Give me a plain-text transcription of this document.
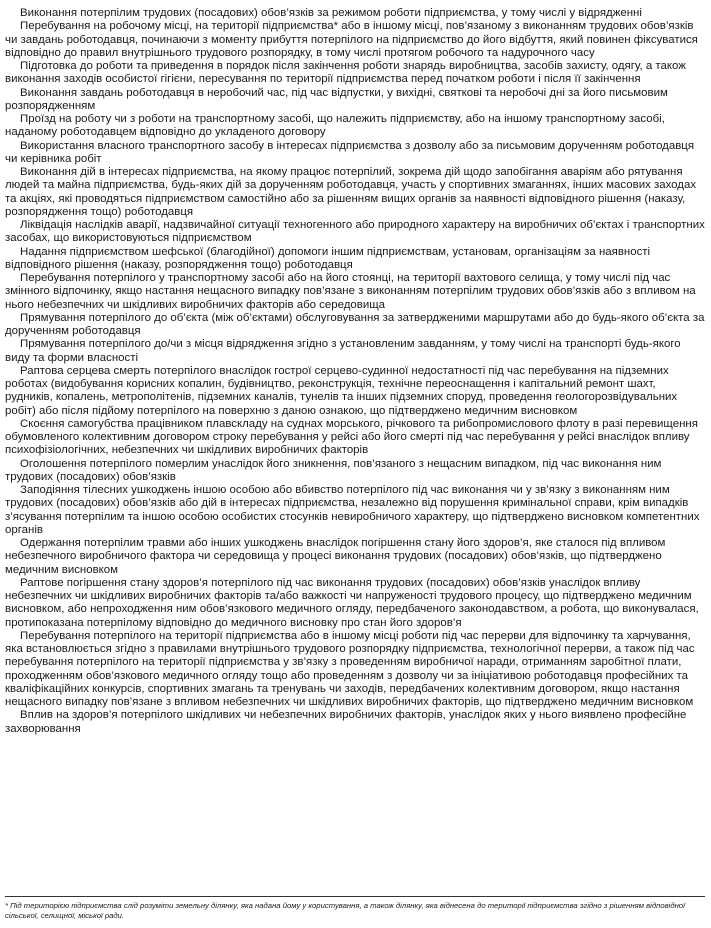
Виконання потерпілим трудових (посадових) обов’язків за режимом роботи підприємства, у тому числі у відрядженні

Перебування на робочому місці, на території підприємства* або в іншому місці, пов’язаному з виконанням трудових обов’язків чи завдань роботодавця, починаючи з моменту прибуття потерпілого на підприємство до його відбуття, який повинен фіксуватися відповідно до правил внутрішнього трудового розпорядку, в тому числі протягом робочого та надурочного часу

Підготовка до роботи та приведення в порядок після закінчення роботи знарядь виробництва, засобів захисту, одягу, а також виконання заходів особистої гігієни, пересування по території підприємства перед початком роботи і після її закінчення

Виконання завдань роботодавця в неробочий час, під час відпустки, у вихідні, святкові та неробочі дні за його письмовим розпорядженням

Проїзд на роботу чи з роботи на транспортному засобі, що належить підприємству, або на іншому транспортному засобі, наданому роботодавцем відповідно до укладеного договору

Використання власного транспортного засобу в інтересах підприємства з дозволу або за письмовим дорученням роботодавця чи керівника робіт

Виконання дій в інтересах підприємства, на якому працює потерпілий, зокрема дій щодо запобігання аваріям або рятування людей та майна підприємства, будь-яких дій за дорученням роботодавця, участь у спортивних змаганнях, інших масових заходах та акціях, які проводяться підприємством самостійно або за рішенням вищих органів за наявності відповідного рішення (наказу, розпорядження тощо) роботодавця

Ліквідація наслідків аварії, надзвичайної ситуації техногенного або природного характеру на виробничих об’єктах і транспортних засобах, що використовуються підприємством

Надання підприємством шефської (благодійної) допомоги іншим підприємствам, установам, організаціям за наявності відповідного рішення (наказу, розпорядження тощо) роботодавця

Перебування потерпілого у транспортному засобі або на його стоянці, на території вахтового селища, у тому числі під час змінного відпочинку, якщо настання нещасного випадку пов’язане з виконанням потерпілим трудових обов’язків або з впливом на нього небезпечних чи шкідливих виробничих факторів або середовища

Прямування потерпілого до об’єкта (між об’єктами) обслуговування за затвердженими маршрутами або до будь-якого об’єкта за дорученням роботодавця

Прямування потерпілого до/чи з місця відрядження згідно з установленим завданням, у тому числі на транспорті будь-якого виду та форми власності

Раптова серцева смерть потерпілого внаслідок гострої серцево-судинної недостатності під час перебування на підземних роботах (видобування корисних копалин, будівництво, реконструкція, технічне переоснащення і капітальний ремонт шахт, рудників, копалень, метрополітенів, підземних каналів, тунелів та інших підземних споруд, проведення геологорозвідувальних робіт) або після підйому потерпілого на поверхню з даною ознакою, що підтверджено медичним висновком

Скоєння самогубства працівником плавскладу на суднах морського, річкового та рибопромислового флоту в разі перевищення обумовленого колективним договором строку перебування у рейсі або його смерті під час перебування у рейсі внаслідок впливу психофізіологічних, небезпечних чи шкідливих виробничих факторів

Оголошення потерпілого померлим унаслідок його зникнення, пов’язаного з нещасним випадком, під час виконання ним трудових (посадових) обов’язків

Заподіяння тілесних ушкоджень іншою особою або вбивство потерпілого під час виконання чи у зв’язку з виконанням ним трудових (посадових) обов’язків або дій в інтересах підприємства, незалежно від порушення кримінальної справи, крім випадків з’ясування потерпілим та іншою особою особистих стосунків невиробничого характеру, що підтверджено висновком компетентних органів

Одержання потерпілим травми або інших ушкоджень внаслідок погіршення стану його здоров’я, яке сталося під впливом небезпечного виробничого фактора чи середовища у процесі виконання трудових (посадових) обов’язків, що підтверджено медичним висновком

Раптове погіршення стану здоров’я потерпілого під час виконання трудових (посадових) обов’язків унаслідок впливу небезпечних чи шкідливих виробничих факторів та/або важкості чи напруженості трудового процесу, що підтверджено медичним висновком, або непроходження ним обов’язкового медичного огляду, передбаченого законодавством, а робота, що виконувалася, протипоказана потерпілому відповідно до медичного висновку про стан його здоров’я

Перебування потерпілого на території підприємства або в іншому місці роботи під час перерви для відпочинку та харчування, яка встановлюється згідно з правилами внутрішнього трудового розпорядку підприємства, технологічної перерви, а також під час перебування потерпілого на території підприємства у зв’язку з проведенням виробничої наради, отриманням заробітної плати, проходженням обов’язкового медичного огляду тощо або проведенням з дозволу чи за ініціативою роботодавця професійних та кваліфікаційних конкурсів, спортивних змагань та тренувань чи заходів, передбачених колективним договором, якщо настання нещасного випадку пов’язане з впливом небезпечних чи шкідливих виробничих факторів, що підтверджено медичним висновком

Вплив на здоров’я потерпілого шкідливих чи небезпечних виробничих факторів, унаслідок яких у нього виявлено професійне захворювання

* Під територією підприємства слід розуміти земельну ділянку, яка надана йому у користування, а також ділянку, яка віднесена до території підприємства згідно з рішенням відповідної сільської, селищної, міської ради.
